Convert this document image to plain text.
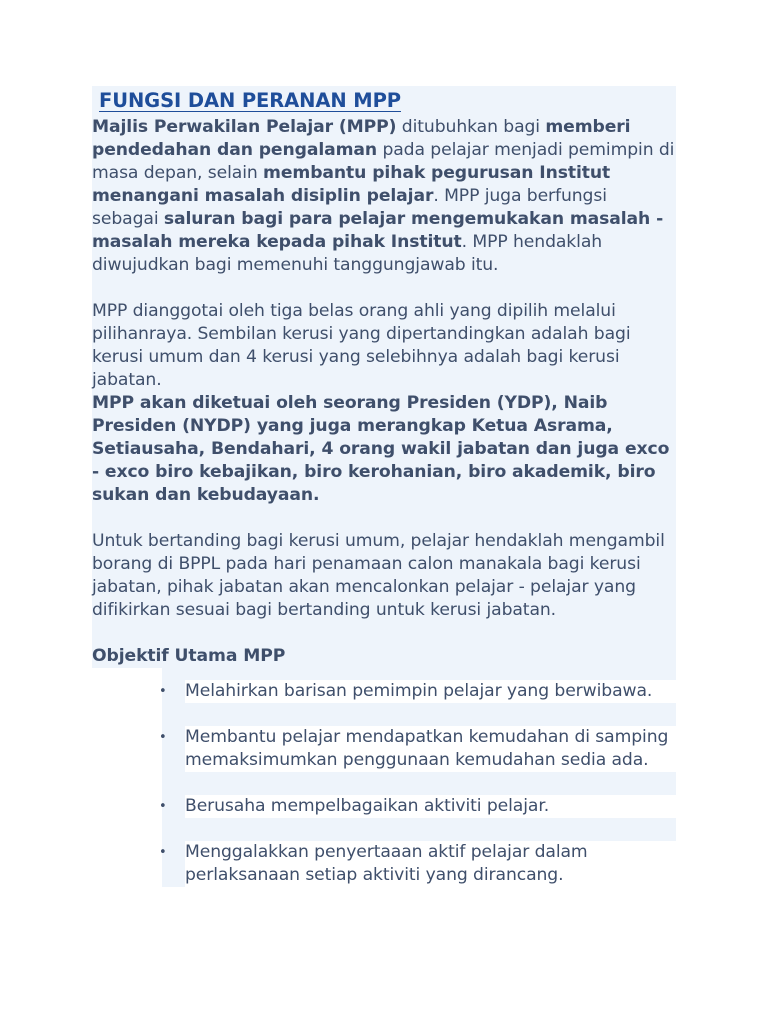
FUNGSI DAN PERANAN MPP

Majlis Perwakilan Pelajar (MPP) ditubuhkan bagi memberi pendedahan dan pengalaman pada pelajar menjadi pemimpin di masa depan, selain membantu pihak pegurusan Institut menangani masalah disiplin pelajar. MPP juga berfungsi sebagai saluran bagi para pelajar mengemukakan masalah - masalah mereka kepada pihak Institut. MPP hendaklah diwujudkan bagi memenuhi tanggungjawab itu.

MPP dianggotai oleh tiga belas orang ahli yang dipilih melalui pilihanraya. Sembilan kerusi yang dipertandingkan adalah bagi kerusi umum dan 4 kerusi yang selebihnya adalah bagi kerusi jabatan.

MPP akan diketuai oleh seorang Presiden (YDP), Naib Presiden (NYDP) yang juga merangkap Ketua Asrama, Setiausaha, Bendahari, 4 orang wakil jabatan dan juga exco - exco biro kebajikan, biro kerohanian, biro akademik, biro sukan dan kebudayaan.

Untuk bertanding bagi kerusi umum, pelajar hendaklah mengambil borang di BPPL pada hari penamaan calon manakala bagi kerusi jabatan, pihak jabatan akan mencalonkan pelajar - pelajar yang difikirkan sesuai bagi bertanding untuk kerusi jabatan.

Objektif Utama MPP

• Melahirkan barisan pemimpin pelajar yang berwibawa.
• Membantu pelajar mendapatkan kemudahan di samping memaksimumkan penggunaan kemudahan sedia ada.
• Berusaha mempelbagaikan aktiviti pelajar.
• Menggalakkan penyertaaan aktif pelajar dalam perlaksanaan setiap aktiviti yang dirancang.
